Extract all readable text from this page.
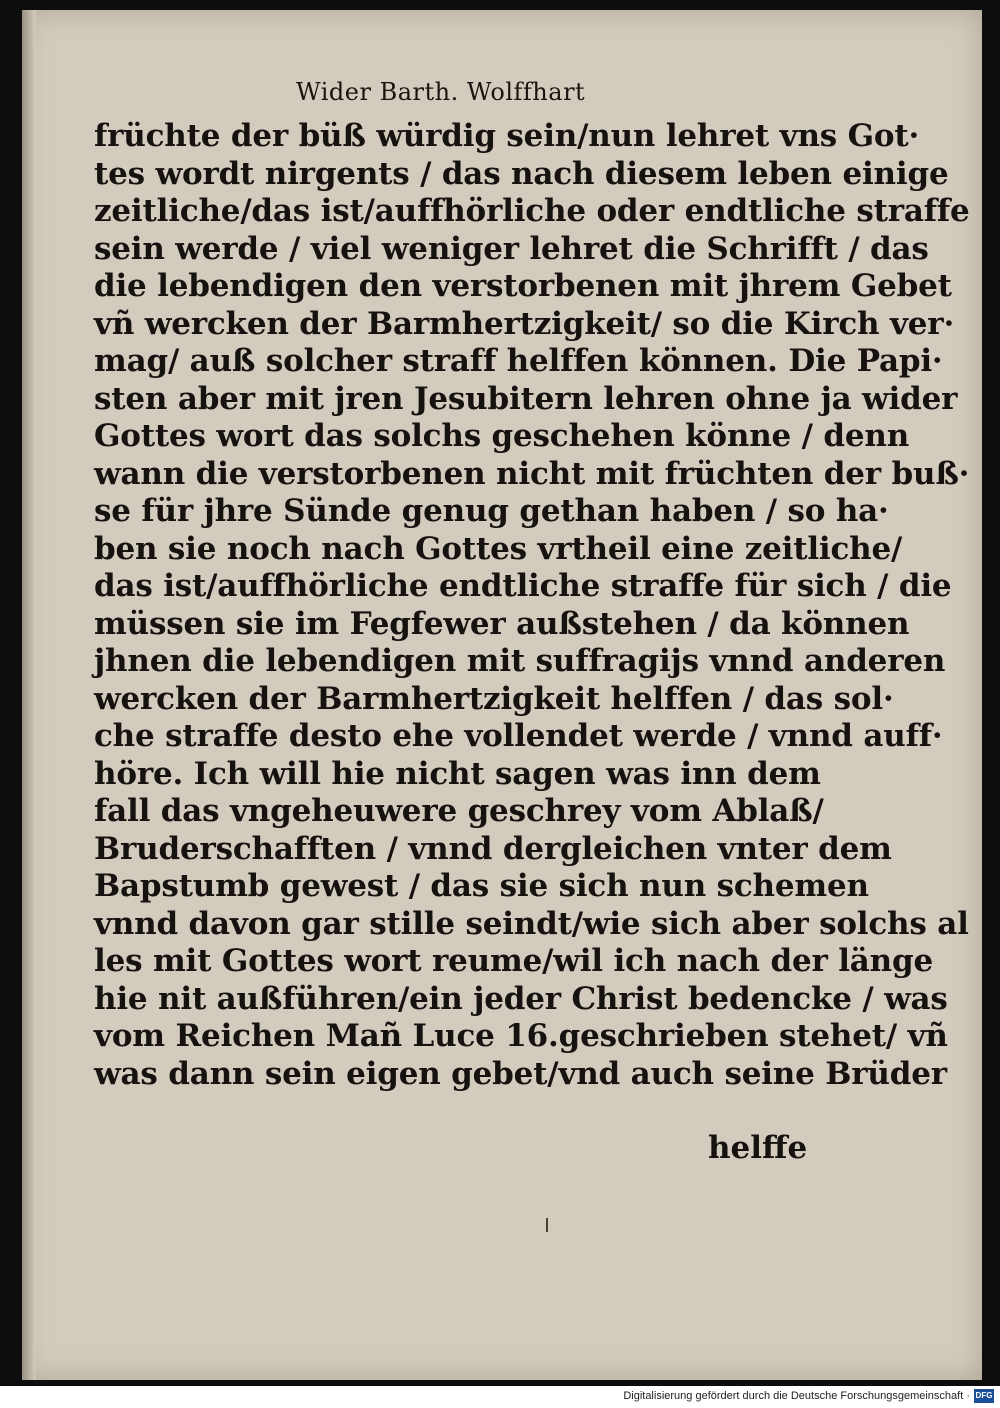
Wider Barth. Wolffhart
früchte der büß würdig sein/nun lehret vns Got·
tes wordt nirgents / das nach diesem leben einige
zeitliche/das ist/auffhörliche oder endtliche straffe
sein werde / viel weniger lehret die Schrifft / das
die lebendigen den verstorbenen mit jhrem Gebet
vñ wercken der Barmhertzigkeit/ so die Kirch ver·
mag/ auß solcher straff helffen können. Die Papi·
sten aber mit jren Jesubitern lehren ohne ja wider
Gottes wort das solchs geschehen könne / denn
wann die verstorbenen nicht mit früchten der buß·
se für jhre Sünde genug gethan haben / so ha·
ben sie noch nach Gottes vrtheil eine zeitliche/
das ist/auffhörliche endtliche straffe für sich / die
müssen sie im Fegfewer außstehen / da können
jhnen die lebendigen mit suffragijs vnnd anderen
wercken der Barmhertzigkeit helffen / das sol·
che straffe desto ehe vollendet werde / vnnd auff·
höre. Ich will hie nicht sagen was inn dem
fall das vngeheuwere geschrey vom Ablaß/
Bruderschafften / vnnd dergleichen vnter dem
Bapstumb gewest / das sie sich nun schemen
vnnd davon gar stille seindt/wie sich aber solchs al
les mit Gottes wort reume/wil ich nach der länge
hie nit außführen/ein jeder Christ bedencke / was
vom Reichen Mañ Luce 16.geschrieben stehet/ vñ
was dann sein eigen gebet/vnd auch seine Brüder
helffe
Digitalisierung gefördert durch die Deutsche Forschungsgemeinschaft · DFG
